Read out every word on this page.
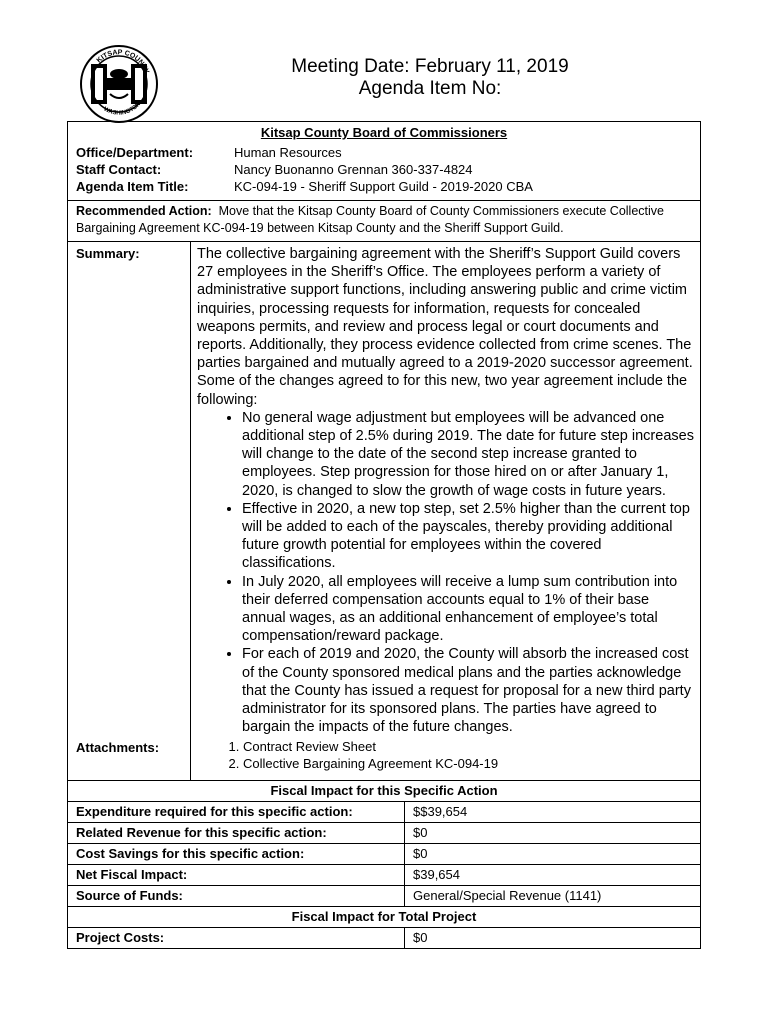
KITSAP COUNTY
WASHINGTON
Meeting Date: February 11, 2019
Agenda Item No:
Kitsap County Board of Commissioners
Office/Department:	Human Resources
Staff Contact:	Nancy Buonanno Grennan 360-337-4824
Agenda Item Title:	KC-094-19 - Sheriff Support Guild - 2019-2020 CBA
Recommended Action: Move that the Kitsap County Board of County Commissioners execute Collective Bargaining Agreement KC-094-19 between Kitsap County and the Sheriff Support Guild.
Summary:	The collective bargaining agreement with the Sheriff’s Support Guild covers 27 employees in the Sheriff’s Office. The employees perform a variety of administrative support functions, including answering public and crime victim inquiries, processing requests for information, requests for concealed weapons permits, and review and process legal or court documents and reports. Additionally, they process evidence collected from crime scenes. The parties bargained and mutually agreed to a 2019-2020 successor agreement. Some of the changes agreed to for this new, two year agreement include the following:
• No general wage adjustment but employees will be advanced one additional step of 2.5% during 2019. The date for future step increases will change to the date of the second step increase granted to employees. Step progression for those hired on or after January 1, 2020, is changed to slow the growth of wage costs in future years.
• Effective in 2020, a new top step, set 2.5% higher than the current top will be added to each of the payscales, thereby providing additional future growth potential for employees within the covered classifications.
• In July 2020, all employees will receive a lump sum contribution into their deferred compensation accounts equal to 1% of their base annual wages, as an additional enhancement of employee’s total compensation/reward package.
• For each of 2019 and 2020, the County will absorb the increased cost of the County sponsored medical plans and the parties acknowledge that the County has issued a request for proposal for a new third party administrator for its sponsored plans. The parties have agreed to bargain the impacts of the future changes.
Attachments:
1.	Contract Review Sheet
2. Collective Bargaining Agreement KC-094-19
Fiscal Impact for this Specific Action
Expenditure required for this specific action:	$$39,654
Related Revenue for this specific action:	$0
Cost Savings for this specific action:	$0
Net Fiscal Impact:	$39,654
Source of Funds:	General/Special Revenue (1141)
Fiscal Impact for Total Project
Project Costs:	$0
